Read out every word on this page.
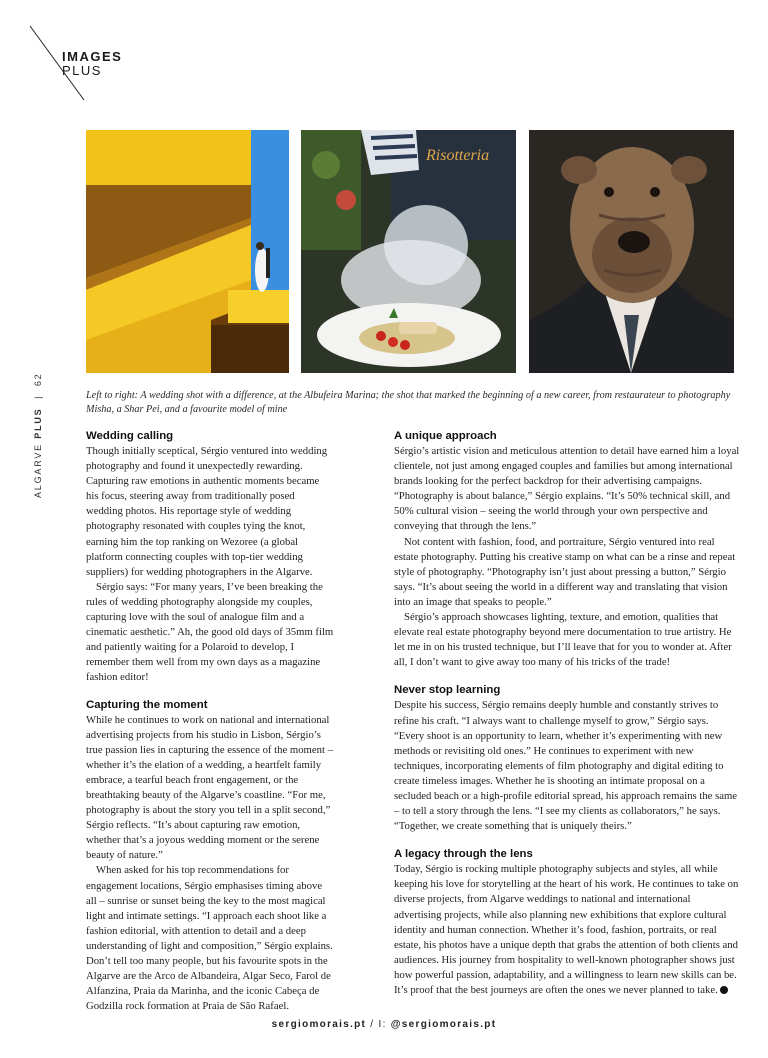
IMAGES
PLUS
Risotteria
Left to right: A wedding shot with a difference, at the Albufeira Marina; the shot that marked the beginning of a new career, from restaurateur to photography Misha, a Shar Pei, and a favourite model of mine
ALGARVE PLUS  |  62
Wedding calling

Though initially sceptical, Sérgio ventured into wedding photography and found it unexpectedly rewarding. Capturing raw emotions in authentic moments became his focus, steering away from traditionally posed wedding photos. His reportage style of wedding photography resonated with couples tying the knot, earning him the top ranking on Wezoree (a global platform connecting couples with top-tier wedding suppliers) for wedding photographers in the Algarve.

Sérgio says: “For many years, I’ve been breaking the rules of wedding photography alongside my couples, capturing love with the soul of analogue film and a cinematic aesthetic.” Ah, the good old days of 35mm film and patiently waiting for a Polaroid to develop, I remember them well from my own days as a magazine fashion editor!

Capturing the moment

While he continues to work on national and international advertising projects from his studio in Lisbon, Sérgio’s true passion lies in capturing the essence of the moment – whether it’s the elation of a wedding, a heartfelt family embrace, a tearful beach front engagement, or the breathtaking beauty of the Algarve’s coastline. “For me, photography is about the story you tell in a split second,” Sérgio reflects. “It’s about capturing raw emotion, whether that’s a joyous wedding moment or the serene beauty of nature.”

When asked for his top recommendations for engagement locations, Sérgio emphasises timing above all – sunrise or sunset being the key to the most magical light and intimate settings. “I approach each shoot like a fashion editorial, with attention to detail and a deep understanding of light and composition,” Sérgio explains. Don’t tell too many people, but his favourite spots in the Algarve are the Arco de Albandeira, Algar Seco, Farol de Alfanzina, Praia da Marinha, and the iconic Cabeça de Godzilla rock formation at Praia de São Rafael.

A unique approach

Sérgio’s artistic vision and meticulous attention to detail have earned him a loyal clientele, not just among engaged couples and families but among international brands looking for the perfect backdrop for their advertising campaigns. “Photography is about balance,” Sérgio explains. “It’s 50% technical skill, and 50% cultural vision – seeing the world through your own perspective and conveying that through the lens.”

Not content with fashion, food, and portraiture, Sérgio ventured into real estate photography. Putting his creative stamp on what can be a rinse and repeat style of photography. “Photography isn’t just about pressing a button,” Sérgio says. “It’s about seeing the world in a different way and translating that vision into an image that speaks to people.”

Sérgio’s approach showcases lighting, texture, and emotion, qualities that elevate real estate photography beyond mere documentation to true artistry. He let me in on his trusted technique, but I’ll leave that for you to wonder at. After all, I don’t want to give away too many of his tricks of the trade!

Never stop learning

Despite his success, Sérgio remains deeply humble and constantly strives to refine his craft. “I always want to challenge myself to grow,” Sérgio says. “Every shoot is an opportunity to learn, whether it’s experimenting with new methods or revisiting old ones.” He continues to experiment with new techniques, incorporating elements of film photography and digital editing to create timeless images. Whether he is shooting an intimate proposal on a secluded beach or a high-profile editorial spread, his approach remains the same – to tell a story through the lens. “I see my clients as collaborators,” he says. “Together, we create something that is uniquely theirs.”

A legacy through the lens

Today, Sérgio is rocking multiple photography subjects and styles, all while keeping his love for storytelling at the heart of his work. He continues to take on diverse projects, from Algarve weddings to national and international advertising projects, while also planning new exhibitions that explore cultural identity and human connection. Whether it’s food, fashion, portraits, or real estate, his photos have a unique depth that grabs the attention of both clients and audiences. His journey from hospitality to well-known photographer shows just how powerful passion, adaptability, and a willingness to learn new skills can be. It’s proof that the best journeys are often the ones we never planned to take.

sergiomorais.pt / I: @sergiomorais.pt
